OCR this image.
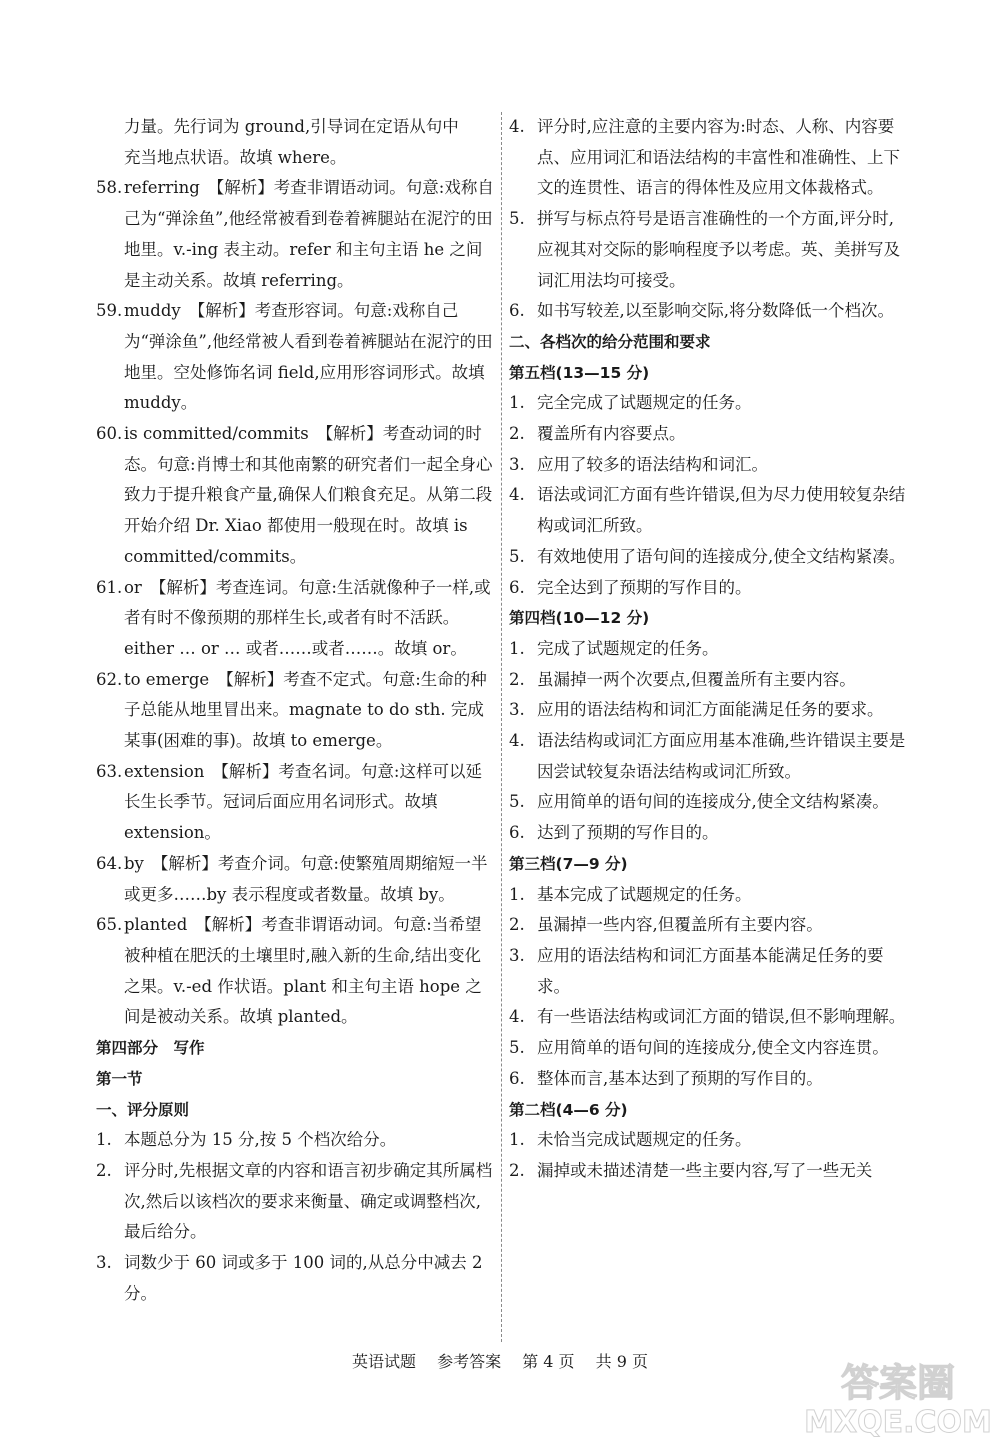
力量。先行词为 ground,引导词在定语从句中

充当地点状语。故填 where。

58. referring 【解析】考查非谓语动词。句意:戏称自己为“弹涂鱼”,他经常被看到卷着裤腿站在泥泞的田地里。v.-ing 表主动。refer 和主句主语 he 之间是主动关系。故填 referring。
59. muddy 【解析】考查形容词。句意:戏称自己为“弹涂鱼”,他经常被人看到卷着裤腿站在泥泞的田地里。空处修饰名词 field,应用形容词形式。故填 muddy。
60. is committed/commits 【解析】考查动词的时态。句意:肖博士和其他南繁的研究者们一起全身心致力于提升粮食产量,确保人们粮食充足。从第二段开始介绍 Dr. Xiao 都使用一般现在时。故填 is committed/commits。
61. or 【解析】考查连词。句意:生活就像种子一样,或者有时不像预期的那样生长,或者有时不活跃。either … or … 或者……或者……。故填 or。
62. to emerge 【解析】考查不定式。句意:生命的种子总能从地里冒出来。magnate to do sth. 完成某事(困难的事)。故填 to emerge。
63. extension 【解析】考查名词。句意:这样可以延长生长季节。冠词后面应用名词形式。故填 extension。
64. by 【解析】考查介词。句意:使繁殖周期缩短一半或更多……by 表示程度或者数量。故填 by。
65. planted 【解析】考查非谓语动词。句意:当希望被种植在肥沃的土壤里时,融入新的生命,结出变化之果。v.-ed 作状语。plant 和主句主语 hope 之间是被动关系。故填 planted。

第四部分　写作

第一节

一、评分原则

1. 本题总分为 15 分,按 5 个档次给分。
2. 评分时,先根据文章的内容和语言初步确定其所属档次,然后以该档次的要求来衡量、确定或调整档次,最后给分。
3. 词数少于 60 词或多于 100 词的,从总分中减去 2 分。
4. 评分时,应注意的主要内容为:时态、人称、内容要点、应用词汇和语法结构的丰富性和准确性、上下文的连贯性、语言的得体性及应用文体裁格式。
5. 拼写与标点符号是语言准确性的一个方面,评分时,应视其对交际的影响程度予以考虑。英、美拼写及词汇用法均可接受。
6. 如书写较差,以至影响交际,将分数降低一个档次。

二、各档次的给分范围和要求

第五档(13—15 分)

1. 完全完成了试题规定的任务。
2. 覆盖所有内容要点。
3. 应用了较多的语法结构和词汇。
4. 语法或词汇方面有些许错误,但为尽力使用较复杂结构或词汇所致。
5. 有效地使用了语句间的连接成分,使全文结构紧凑。
6. 完全达到了预期的写作目的。

第四档(10—12 分)

1. 完成了试题规定的任务。
2. 虽漏掉一两个次要点,但覆盖所有主要内容。
3. 应用的语法结构和词汇方面能满足任务的要求。
4. 语法结构或词汇方面应用基本准确,些许错误主要是因尝试较复杂语法结构或词汇所致。
5. 应用简单的语句间的连接成分,使全文结构紧凑。
6. 达到了预期的写作目的。

第三档(7—9 分)

1. 基本完成了试题规定的任务。
2. 虽漏掉一些内容,但覆盖所有主要内容。
3. 应用的语法结构和词汇方面基本能满足任务的要求。
4. 有一些语法结构或词汇方面的错误,但不影响理解。
5. 应用简单的语句间的连接成分,使全文内容连贯。
6. 整体而言,基本达到了预期的写作目的。

第二档(4—6 分)

1. 未恰当完成试题规定的任务。
2. 漏掉或未描述清楚一些主要内容,写了一些无关
英语试题 参考答案 第 4 页 共 9 页	答案圈
MXQE.COM
